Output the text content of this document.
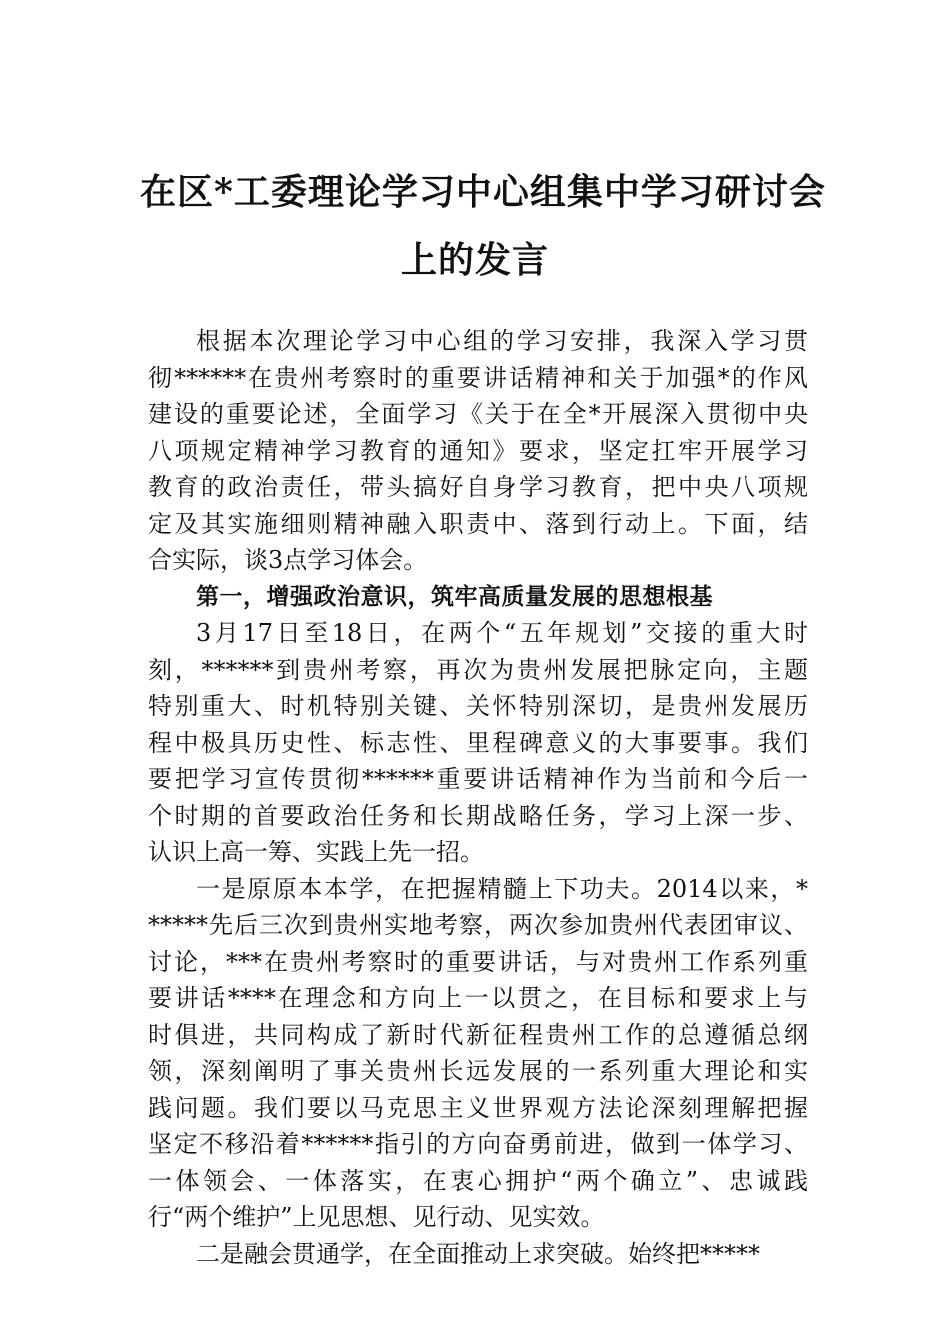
在区*工委理论学习中心组集中学习研讨会
上的发言
根据本次理论学习中心组的学习安排，我深入学习贯
彻******在贵州考察时的重要讲话精神和关于加强*的作风
建设的重要论述，全面学习《关于在全*开展深入贯彻中央
八项规定精神学习教育的通知》要求，坚定扛牢开展学习
教育的政治责任，带头搞好自身学习教育，把中央八项规
定及其实施细则精神融入职责中、落到行动上。下面，结
合实际，谈3点学习体会。
第一，增强政治意识，筑牢高质量发展的思想根基
3月17日至18日，在两个“五年规划”交接的重大时
刻，******到贵州考察，再次为贵州发展把脉定向，主题
特别重大、时机特别关键、关怀特别深切，是贵州发展历
程中极具历史性、标志性、里程碑意义的大事要事。我们
要把学习宣传贯彻******重要讲话精神作为当前和今后一
个时期的首要政治任务和长期战略任务，学习上深一步、
认识上高一筹、实践上先一招。
一是原原本本学，在把握精髓上下功夫。2014以来，*
*****先后三次到贵州实地考察，两次参加贵州代表团审议、
讨论，***在贵州考察时的重要讲话，与对贵州工作系列重
要讲话****在理念和方向上一以贯之，在目标和要求上与
时俱进，共同构成了新时代新征程贵州工作的总遵循总纲
领，深刻阐明了事关贵州长远发展的一系列重大理论和实
践问题。我们要以马克思主义世界观方法论深刻理解把握
坚定不移沿着******指引的方向奋勇前进，做到一体学习、
一体领会、一体落实，在衷心拥护“两个确立”、忠诚践
行“两个维护”上见思想、见行动、见实效。
二是融会贯通学，在全面推动上求突破。始终把*****
